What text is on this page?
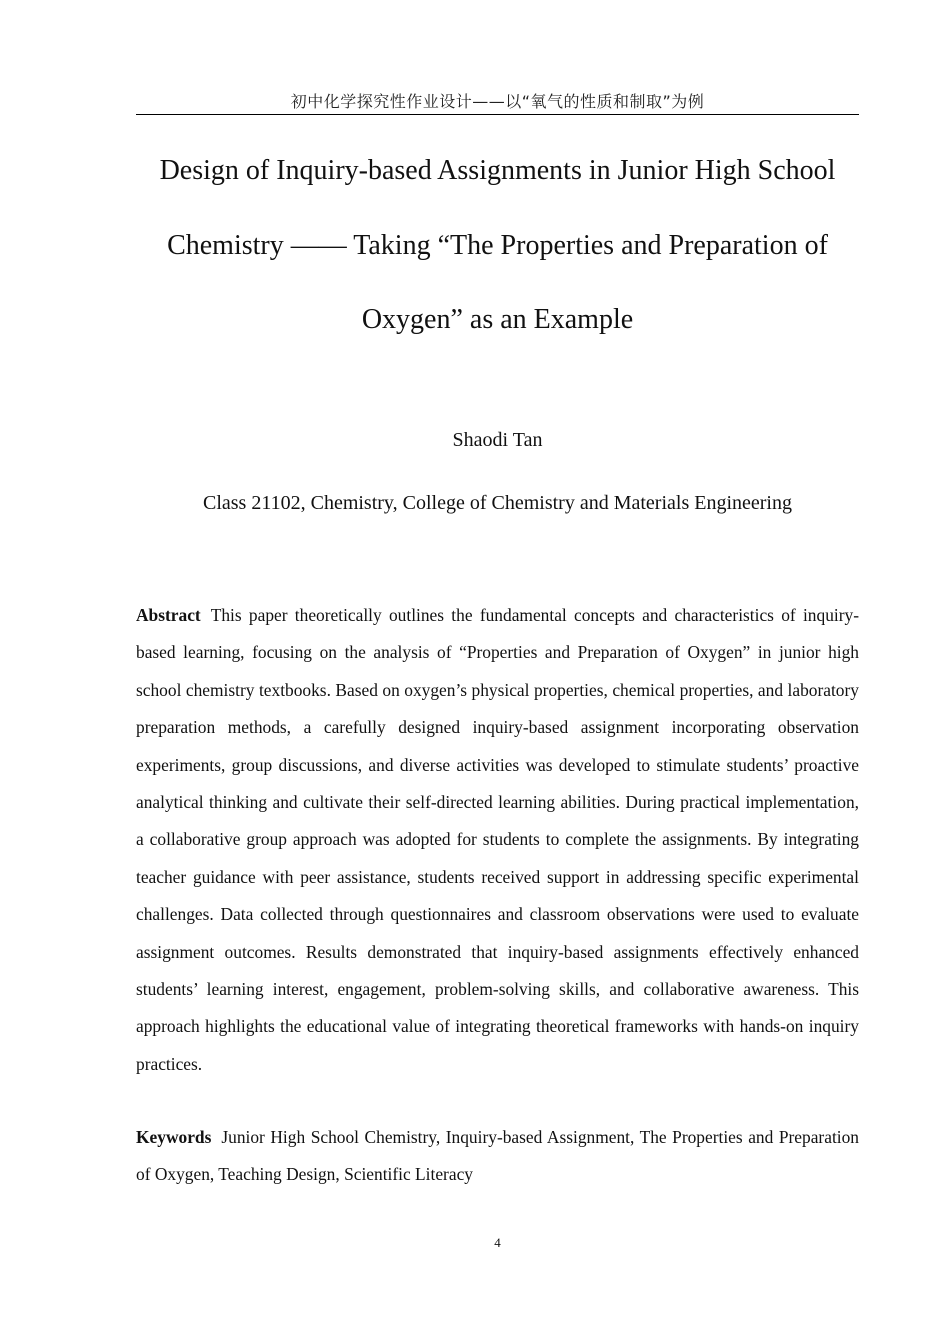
初中化学探究性作业设计——以“氧气的性质和制取”为例
Design of Inquiry-based Assignments in Junior High School Chemistry —— Taking “The Properties and Preparation of Oxygen” as an Example
Shaodi Tan
Class 21102, Chemistry, College of Chemistry and Materials Engineering

Abstract This paper theoretically outlines the fundamental concepts and characteristics of inquiry-based learning, focusing on the analysis of “Properties and Preparation of Oxygen” in junior high school chemistry textbooks. Based on oxygen’s physical properties, chemical properties, and laboratory preparation methods, a carefully designed inquiry-based assignment incorporating observation experiments, group discussions, and diverse activities was developed to stimulate students’ proactive analytical thinking and cultivate their self-directed learning abilities. During practical implementation, a collaborative group approach was adopted for students to complete the assignments. By integrating teacher guidance with peer assistance, students received support in addressing specific experimental challenges. Data collected through questionnaires and classroom observations were used to evaluate assignment outcomes. Results demonstrated that inquiry-based assignments effectively enhanced students’ learning interest, engagement, problem-solving skills, and collaborative awareness. This approach highlights the educational value of integrating theoretical frameworks with hands-on inquiry practices.

Keywords Junior High School Chemistry, Inquiry-based Assignment, The Properties and Preparation of Oxygen, Teaching Design, Scientific Literacy

4
